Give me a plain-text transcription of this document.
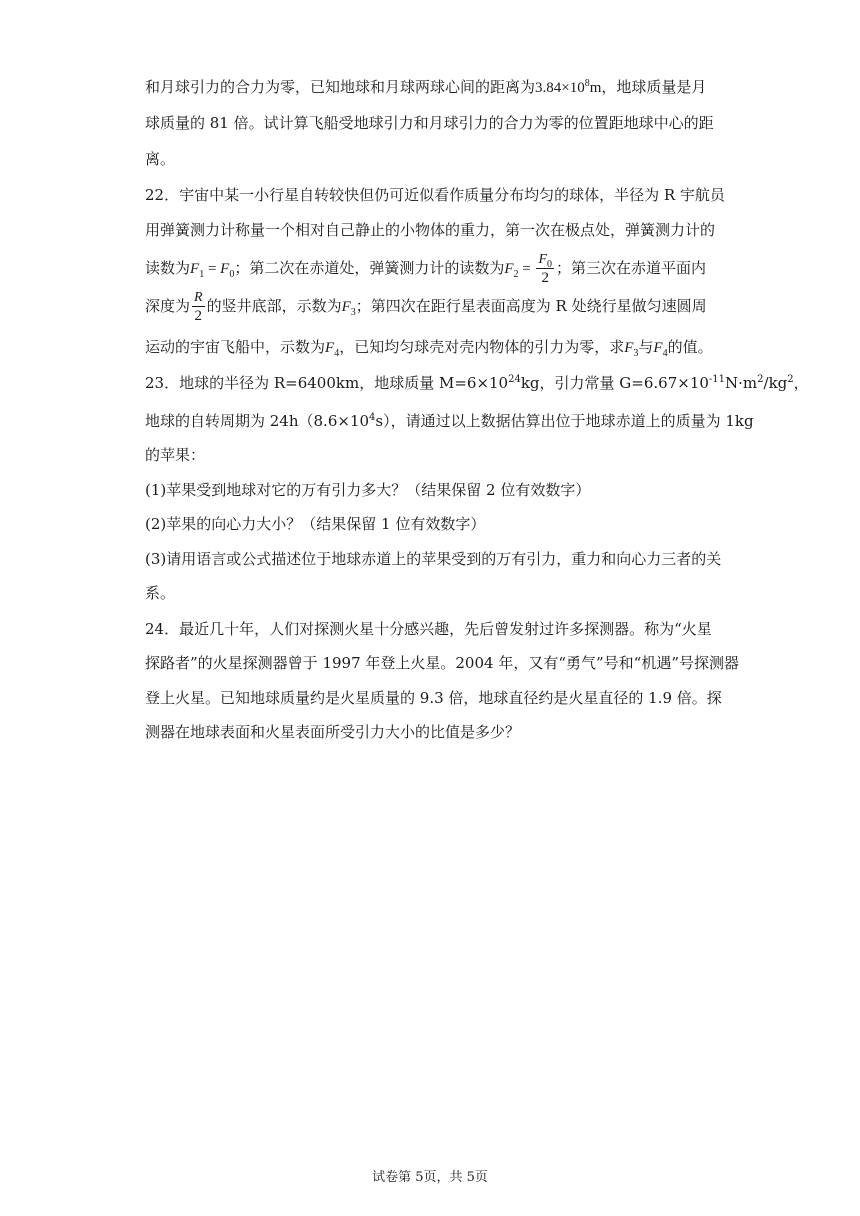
和月球引力的合力为零，已知地球和月球两球心间的距离为$3.84\times 10^8m$，地球质量是月
球质量的 81 倍。试计算飞船受地球引力和月球引力的合力为零的位置距地球中心的距
离。
22．宇宙中某一小行星自转较快但仍可近似看作质量分布均匀的球体，半径为 R 宇航员
用弹簧测力计称量一个相对自己静止的小物体的重力，第一次在极点处，弹簧测力计的
读数为$F_1 = F_0$；第二次在赤道处，弹簧测力计的读数为$F_2 = \frac{F_0}{2}$ ；第三次在赤道平面内
深度为 $\frac{R}{2}$ 的竖井底部，示数为$F_3$；第四次在距行星表面高度为 R 处绕行星做匀速圆周
运动的宇宙飞船中，示数为$F_4$，已知均匀球壳对壳内物体的引力为零，求$F_3$与$F_4$的值。
23．地球的半径为 R=6400km，地球质量 $M=6\times 10^{24}kg$，引力常量 $G=6.67\times 10^{-11}N\cdot m^2/kg^2$，
地球的自转周期为 $24h(8.6\times 10^4s)$，请通过以上数据估算出位于地球赤道上的质量为 1kg
的苹果：
(1)苹果受到地球对它的万有引力多大？（结果保留 2 位有效数字）
(2)苹果的向心力大小？（结果保留 1 位有效数字）
(3)请用语言或公式描述位于地球赤道上的苹果受到的万有引力，重力和向心力三者的关
系。
24．最近几十年，人们对探测火星十分感兴趣，先后曾发射过许多探测器。称为“火星
探路者”的火星探测器曾于 1997 年登上火星。2004 年，又有“勇气”号和“机遇”号探测器
登上火星。已知地球质量约是火星质量的 9.3 倍，地球直径约是火星直径的 1.9 倍。探
测器在地球表面和火星表面所受引力大小的比值是多少？
试卷第 5页，共 5页
